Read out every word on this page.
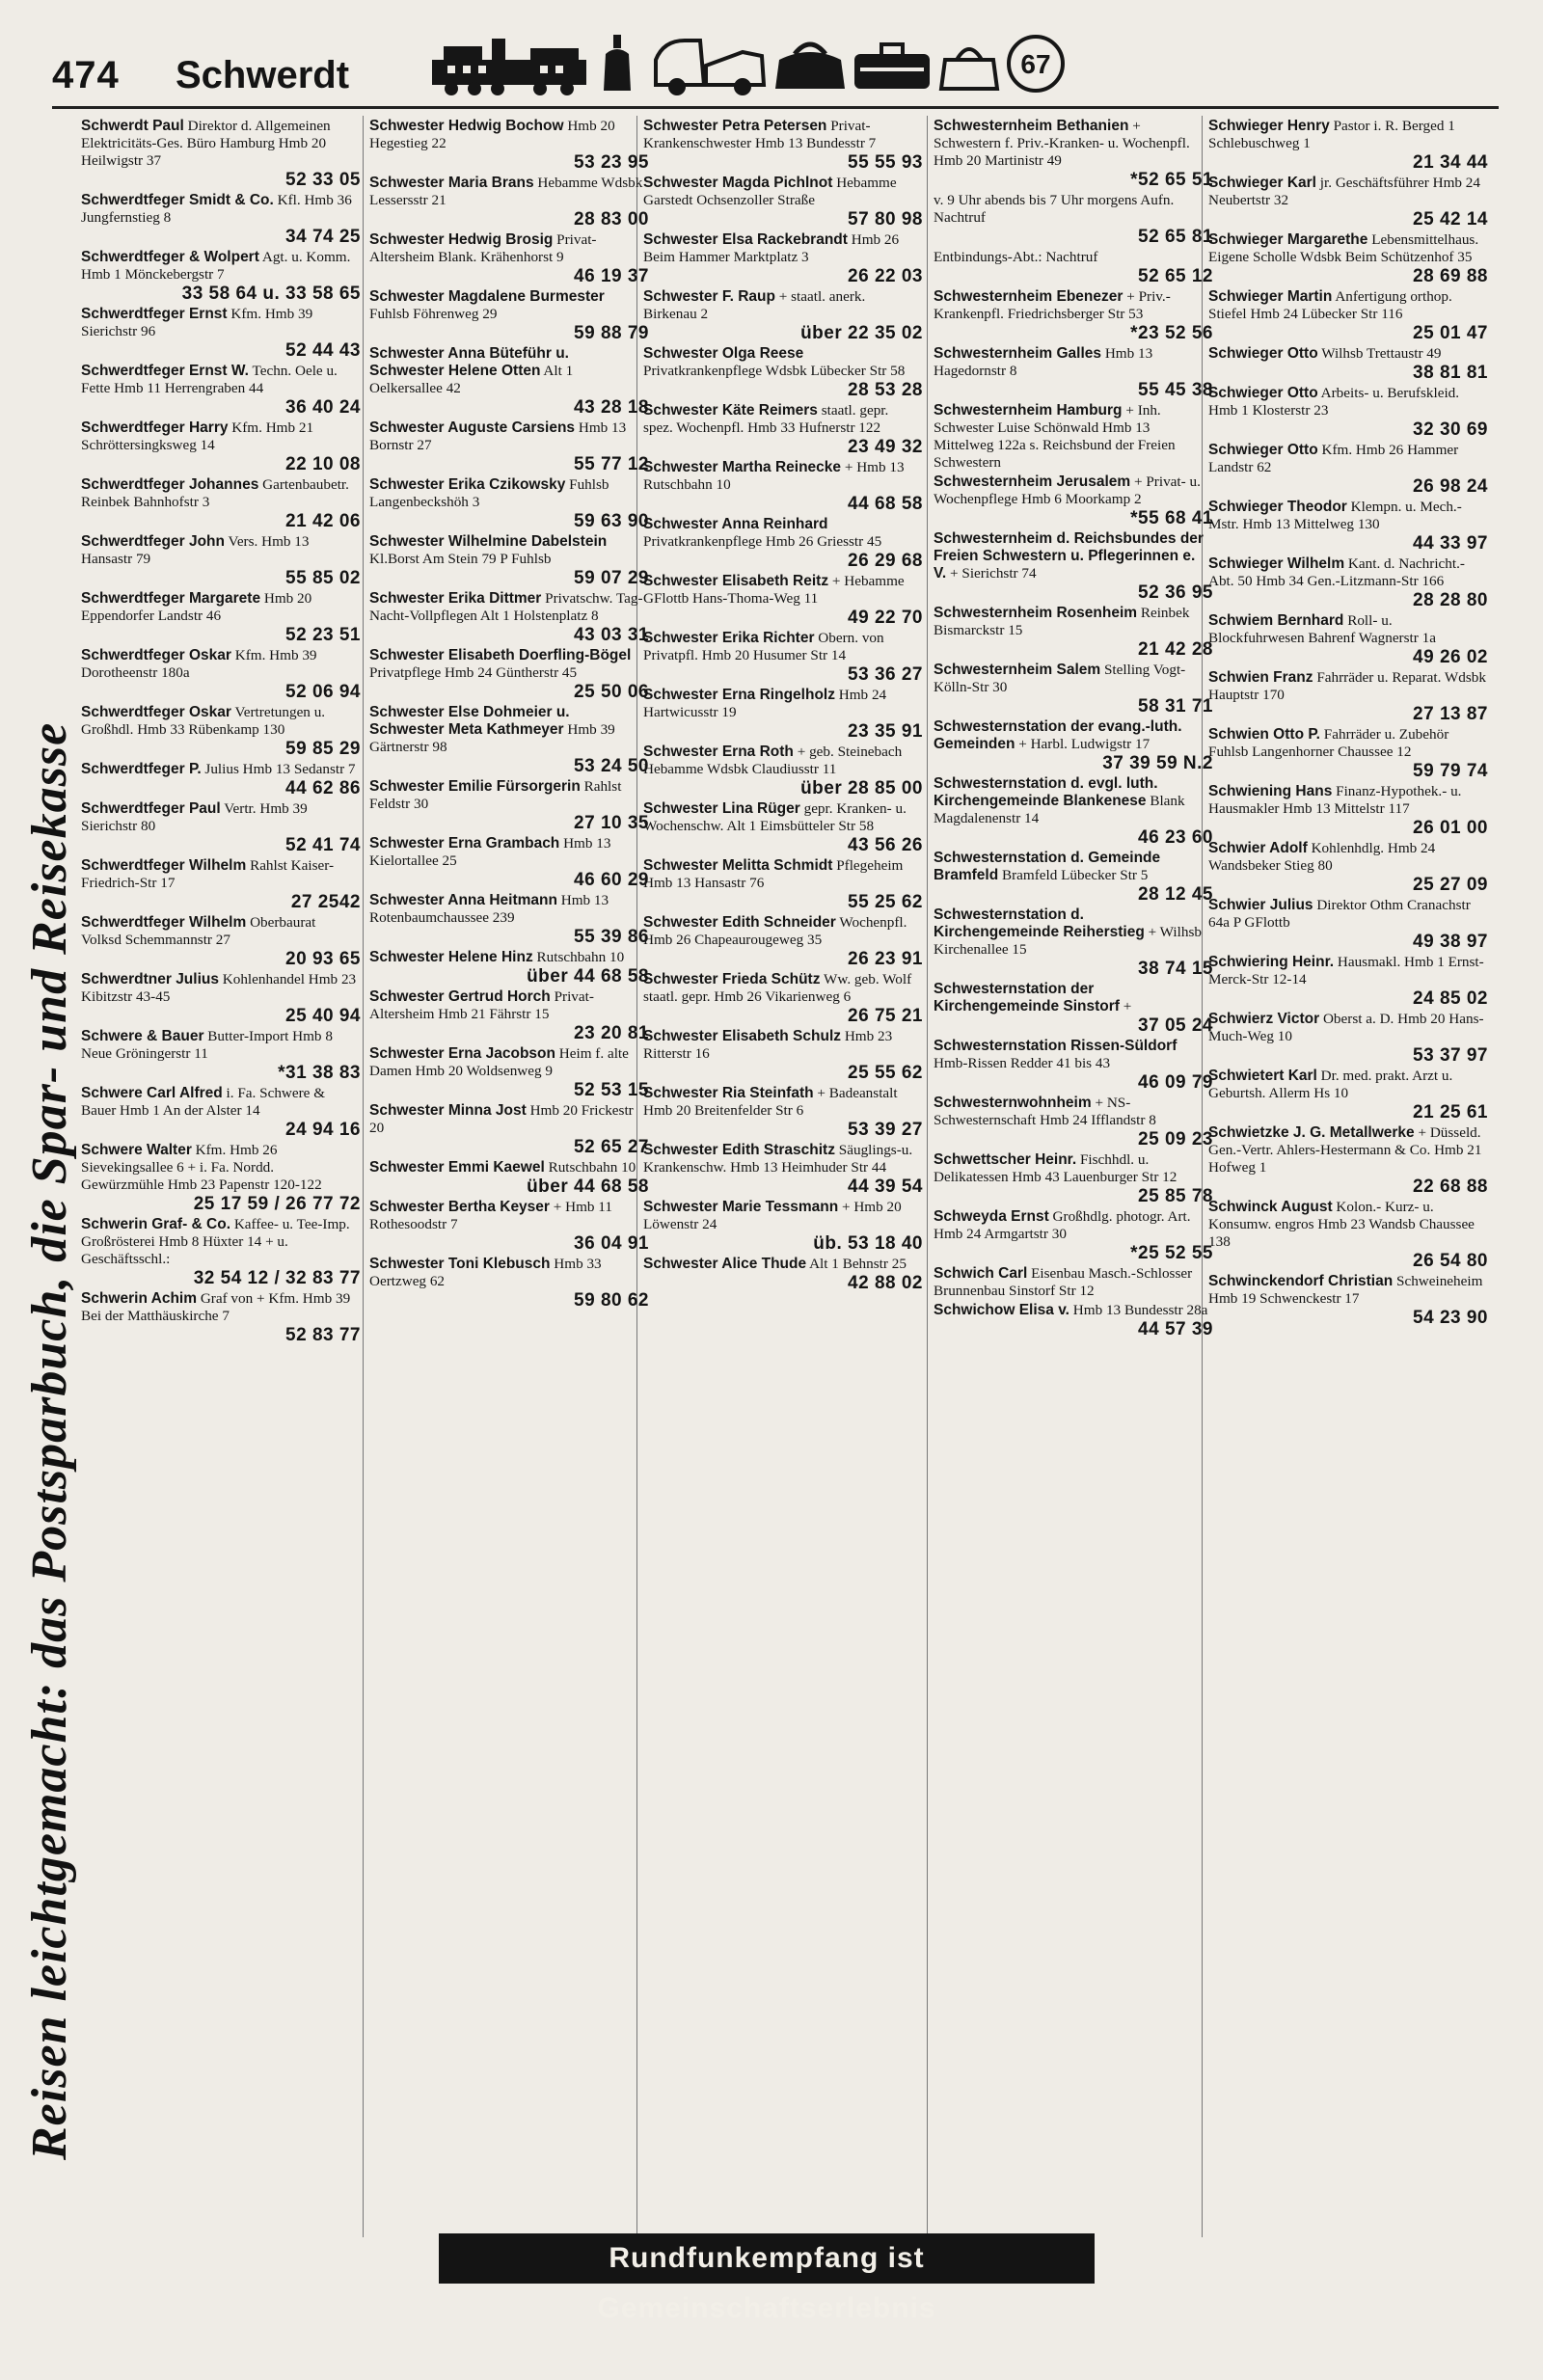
474 Schwerdt	67
Reisen leichtgemacht: das Postsparbuch, die Spar- und Reisekasse
Schwerdt Paul Direktor d. Allgemeinen Elektricitäts-Ges. Büro Hamburg Hmb 20 Heilwigstr 37
52 33 05
Schwerdtfeger Smidt & Co. Kfl. Hmb 36 Jungfernstieg 8
34 74 25
Schwerdtfeger & Wolpert Agt. u. Komm. Hmb 1 Mönckebergstr 7
33 58 64 u. 33 58 65
Schwerdtfeger Ernst Kfm. Hmb 39 Sierichstr 96
52 44 43
Schwerdtfeger Ernst W. Techn. Oele u. Fette Hmb 11 Herrengraben 44
36 40 24
Schwerdtfeger Harry Kfm. Hmb 21 Schröttersingksweg 14
22 10 08
Schwerdtfeger Johannes Gartenbaubetr. Reinbek Bahnhofstr 3
21 42 06
Schwerdtfeger John Vers. Hmb 13 Hansastr 79
55 85 02
Schwerdtfeger Margarete Hmb 20 Eppendorfer Landstr 46
52 23 51
Schwerdtfeger Oskar Kfm. Hmb 39 Dorotheenstr 180a
52 06 94
Schwerdtfeger Oskar Vertretungen u. Großhdl. Hmb 33 Rübenkamp 130
59 85 29
Schwerdtfeger P. Julius Hmb 13 Sedanstr 7
44 62 86
Schwerdtfeger Paul Vertr. Hmb 39 Sierichstr 80
52 41 74
Schwerdtfeger Wilhelm Rahlst Kaiser-Friedrich-Str 17
27 2542
Schwerdtfeger Wilhelm Oberbaurat Volksd Schemmannstr 27
20 93 65
Schwerdtner Julius Kohlenhandel Hmb 23 Kibitzstr 43-45
25 40 94
Schwere & Bauer Butter-Import Hmb 8 Neue Gröningerstr 11
*31 38 83
Schwere Carl Alfred i. Fa. Schwere & Bauer Hmb 1 An der Alster 14
24 94 16
Schwere Walter Kfm. Hmb 26 Sievekingsallee 6 + i. Fa. Nordd. Gewürzmühle Hmb 23 Papenstr 120-122
25 17 59 / 26 77 72
Schwerin Graf- & Co. Kaffee- u. Tee-Imp. Großrösterei Hmb 8 Hüxter 14 + u. Geschäftsschl.:
32 54 12 / 32 83 77
Schwerin Achim Graf von + Kfm. Hmb 39 Bei der Matthäuskirche 7
52 83 77
Schwester Hedwig Bochow Hmb 20 Hegestieg 22
53 23 95
Schwester Maria Brans Hebamme Wdsbk Lessersstr 21
28 83 00
Schwester Hedwig Brosig Privat-Altersheim Blank. Krähenhorst 9
46 19 37
Schwester Magdalene Burmester Fuhlsb Föhrenweg 29
59 88 79
Schwester Anna Büteführ u. Schwester Helene Otten Alt 1 Oelkersallee 42
43 28 18
Schwester Auguste Carsiens Hmb 13 Bornstr 27
55 77 12
Schwester Erika Czikowsky Fuhlsb Langenbeckshöh 3
59 63 90
Schwester Wilhelmine Dabelstein Kl.Borst Am Stein 79 P Fuhlsb
59 07 29
Schwester Erika Dittmer Privatschw. Tag-Nacht-Vollpflegen Alt 1 Holstenplatz 8
43 03 31
Schwester Elisabeth Doerfling-Bögel Privatpflege Hmb 24 Güntherstr 45
25 50 06
Schwester Else Dohmeier u. Schwester Meta Kathmeyer Hmb 39 Gärtnerstr 98
53 24 50
Schwester Emilie Fürsorgerin Rahlst Feldstr 30
27 10 35
Schwester Erna Grambach Hmb 13 Kielortallee 25
46 60 29
Schwester Anna Heitmann Hmb 13 Rotenbaumchaussee 239
55 39 86
Schwester Helene Hinz Rutschbahn 10
über 44 68 58
Schwester Gertrud Horch Privat-Altersheim Hmb 21 Fährstr 15
23 20 81
Schwester Erna Jacobson Heim f. alte Damen Hmb 20 Woldsenweg 9
52 53 15
Schwester Minna Jost Hmb 20 Frickestr 20
52 65 27
Schwester Emmi Kaewel Rutschbahn 10
über 44 68 58
Schwester Bertha Keyser + Hmb 11 Rothesoodstr 7
36 04 91
Schwester Toni Klebusch Hmb 33 Oertzweg 62
59 80 62
Schwester Petra Petersen Privat-Krankenschwester Hmb 13 Bundesstr 7
55 55 93
Schwester Magda Pichlnot Hebamme Garstedt Ochsenzoller Straße
57 80 98
Schwester Elsa Rackebrandt Hmb 26 Beim Hammer Marktplatz 3
26 22 03
Schwester F. Raup + staatl. anerk. Birkenau 2
über 22 35 02
Schwester Olga Reese Privatkrankenpflege Wdsbk Lübecker Str 58
28 53 28
Schwester Käte Reimers staatl. gepr. spez. Wochenpfl. Hmb 33 Hufnerstr 122
23 49 32
Schwester Martha Reinecke + Hmb 13 Rutschbahn 10
44 68 58
Schwester Anna Reinhard Privatkrankenpflege Hmb 26 Griesstr 45
26 29 68
Schwester Elisabeth Reitz + Hebamme GFlottb Hans-Thoma-Weg 11
49 22 70
Schwester Erika Richter Obern. von Privatpfl. Hmb 20 Husumer Str 14
53 36 27
Schwester Erna Ringelholz Hmb 24 Hartwicusstr 19
23 35 91
Schwester Erna Roth + geb. Steinebach Hebamme Wdsbk Claudiusstr 11
über 28 85 00
Schwester Lina Rüger gepr. Kranken- u. Wochenschw. Alt 1 Eimsbütteler Str 58
43 56 26
Schwester Melitta Schmidt Pflegeheim Hmb 13 Hansastr 76
55 25 62
Schwester Edith Schneider Wochenpfl. Hmb 26 Chapeaurougeweg 35
26 23 91
Schwester Frieda Schütz Ww. geb. Wolf staatl. gepr. Hmb 26 Vikarienweg 6
26 75 21
Schwester Elisabeth Schulz Hmb 23 Ritterstr 16
25 55 62
Schwester Ria Steinfath + Badeanstalt Hmb 20 Breitenfelder Str 6
53 39 27
Schwester Edith Straschitz Säuglings-u. Krankenschw. Hmb 13 Heimhuder Str 44
44 39 54
Schwester Marie Tessmann + Hmb 20 Löwenstr 24
üb. 53 18 40
Schwester Alice Thude Alt 1 Behnstr 25
42 88 02
Schwesternheim Bethanien + Schwestern f. Priv.-Kranken- u. Wochenpfl. Hmb 20 Martinistr 49
*52 65 51
v. 9 Uhr abends bis 7 Uhr morgens Aufn. Nachtruf
52 65 81
Entbindungs-Abt.: Nachtruf
52 65 12
Schwesternheim Ebenezer + Priv.-Krankenpfl. Friedrichsberger Str 53
*23 52 56
Schwesternheim Galles Hmb 13 Hagedornstr 8
55 45 38
Schwesternheim Hamburg + Inh. Schwester Luise Schönwald Hmb 13 Mittelweg 122a s. Reichsbund der Freien Schwestern
Schwesternheim Jerusalem + Privat- u. Wochenpflege Hmb 6 Moorkamp 2
*55 68 41
Schwesternheim d. Reichsbundes der Freien Schwestern u. Pflegerinnen e. V. + Sierichstr 74
52 36 95
Schwesternheim Rosenheim Reinbek Bismarckstr 15
21 42 28
Schwesternheim Salem Stelling Vogt-Kölln-Str 30
58 31 71
Schwesternstation der evang.-luth. Gemeinden + Harbl. Ludwigstr 17
37 39 59 N.2
Schwesternstation d. evgl. luth. Kirchengemeinde Blankenese Blank Magdalenenstr 14
46 23 60
Schwesternstation d. Gemeinde Bramfeld Bramfeld Lübecker Str 5
28 12 45
Schwesternstation d. Kirchengemeinde Reiherstieg + Wilhsb Kirchenallee 15
38 74 15
Schwesternstation der Kirchengemeinde Sinstorf +
37 05 24
Schwesternstation Rissen-Süldorf Hmb-Rissen Redder 41 bis 43
46 09 79
Schwesternwohnheim + NS-Schwesternschaft Hmb 24 Ifflandstr 8
25 09 23
Schwettscher Heinr. Fischhdl. u. Delikatessen Hmb 43 Lauenburger Str 12
25 85 78
Schweyda Ernst Großhdlg. photogr. Art. Hmb 24 Armgartstr 30
*25 52 55
Schwich Carl Eisenbau Masch.-Schlosser Brunnenbau Sinstorf Str 12
Schwichow Elisa v. Hmb 13 Bundesstr 28a
44 57 39
Schwieger Henry Pastor i. R. Berged 1 Schlebuschweg 1
21 34 44
Schwieger Karl jr. Geschäftsführer Hmb 24 Neubertstr 32
25 42 14
Schwieger Margarethe Lebensmittelhaus. Eigene Scholle Wdsbk Beim Schützenhof 35
28 69 88
Schwieger Martin Anfertigung orthop. Stiefel Hmb 24 Lübecker Str 116
25 01 47
Schwieger Otto Wilhsb Trettaustr 49
38 81 81
Schwieger Otto Arbeits- u. Berufskleid. Hmb 1 Klosterstr 23
32 30 69
Schwieger Otto Kfm. Hmb 26 Hammer Landstr 62
26 98 24
Schwieger Theodor Klempn. u. Mech.-Mstr. Hmb 13 Mittelweg 130
44 33 97
Schwieger Wilhelm Kant. d. Nachricht.-Abt. 50 Hmb 34 Gen.-Litzmann-Str 166
28 28 80
Schwiem Bernhard Roll- u. Blockfuhrwesen Bahrenf Wagnerstr 1a
49 26 02
Schwien Franz Fahrräder u. Reparat. Wdsbk Hauptstr 170
27 13 87
Schwien Otto P. Fahrräder u. Zubehör Fuhlsb Langenhorner Chaussee 12
59 79 74
Schwiening Hans Finanz-Hypothek.- u. Hausmakler Hmb 13 Mittelstr 117
26 01 00
Schwier Adolf Kohlenhdlg. Hmb 24 Wandsbeker Stieg 80
25 27 09
Schwier Julius Direktor Othm Cranachstr 64a P GFlottb
49 38 97
Schwiering Heinr. Hausmakl. Hmb 1 Ernst-Merck-Str 12-14
24 85 02
Schwierz Victor Oberst a. D. Hmb 20 Hans-Much-Weg 10
53 37 97
Schwietert Karl Dr. med. prakt. Arzt u. Geburtsh. Allerm Hs 10
21 25 61
Schwietzke J. G. Metallwerke + Düsseld. Gen.-Vertr. Ahlers-Hestermann & Co. Hmb 21 Hofweg 1
22 68 88
Schwinck August Kolon.- Kurz- u. Konsumw. engros Hmb 23 Wandsb Chaussee 138
26 54 80
Schwinckendorf Christian Schweineheim Hmb 19 Schwenckestr 17
54 23 90
Rundfunkempfang ist Gemeinschaftserlebnis
